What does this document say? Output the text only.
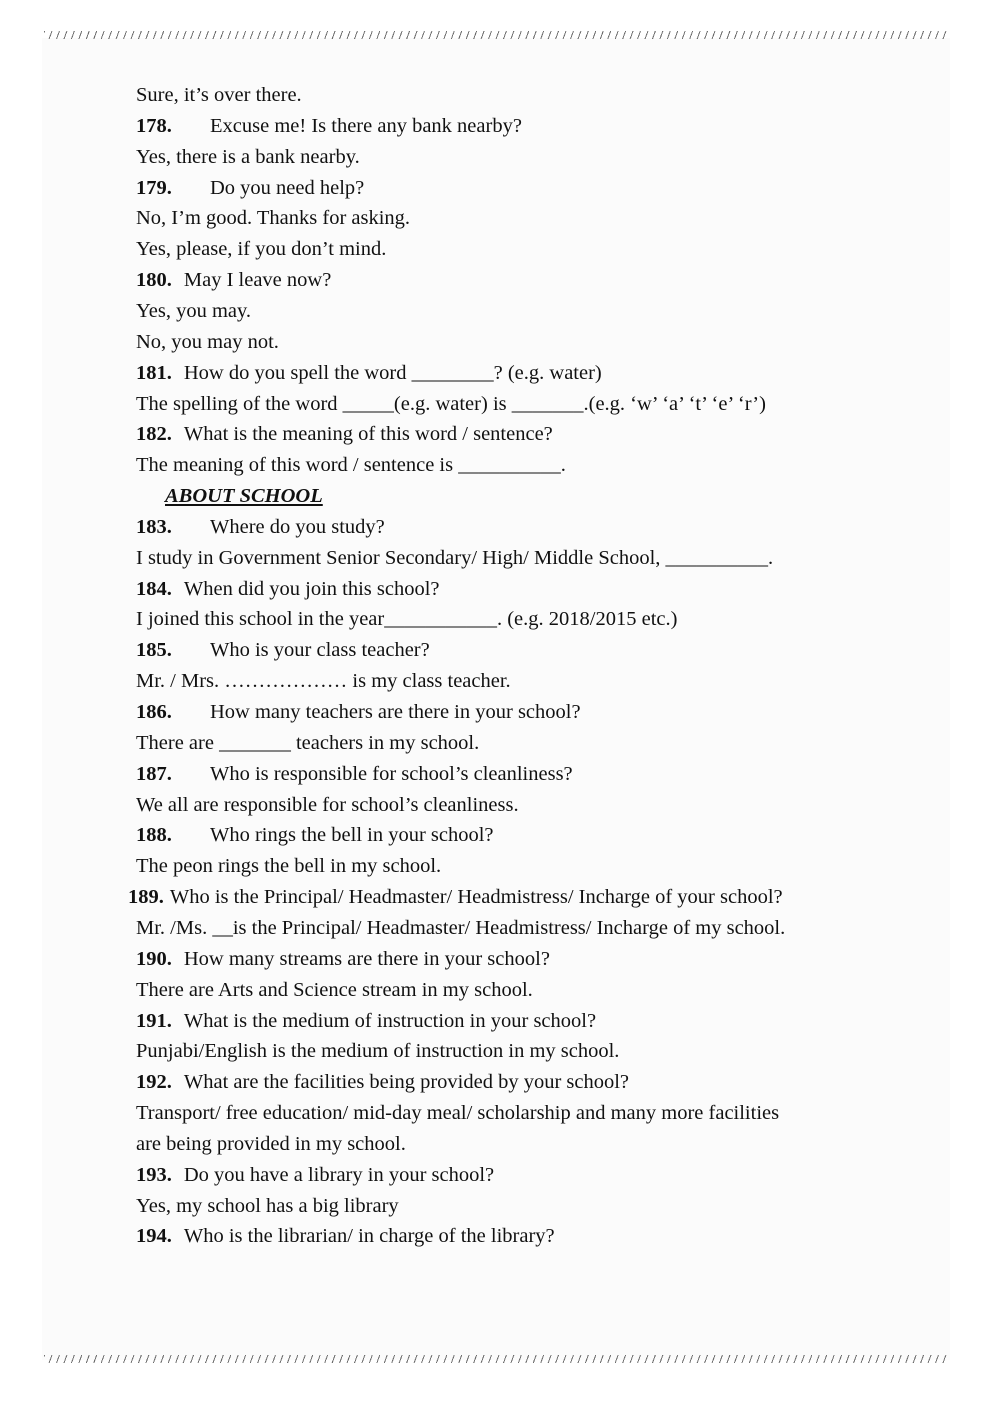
Sure, it’s over there.
178. Excuse me! Is there any bank nearby?
Yes, there is a bank nearby.
179. Do you need help?
No, I’m good. Thanks for asking.
Yes, please, if you don’t mind.
180. May I leave now?
Yes, you may.
No, you may not.
181. How do you spell the word ________? (e.g. water)
The spelling of the word _____(e.g. water) is _______.(e.g. ‘w’ ‘a’ ‘t’ ‘e’ ‘r’)
182. What is the meaning of this word / sentence?
The meaning of this word / sentence is __________.
ABOUT SCHOOL
183. Where do you study?
I study in Government Senior Secondary/ High/ Middle School, __________.
184. When did you join this school?
I joined this school in the year___________. (e.g. 2018/2015 etc.)
185. Who is your class teacher?
Mr. / Mrs. ……………… is my class teacher.
186. How many teachers are there in your school?
There are _______ teachers in my school.
187. Who is responsible for school’s cleanliness?
We all are responsible for school’s cleanliness.
188. Who rings the bell in your school?
The peon rings the bell in my school.
189. Who is the Principal/ Headmaster/ Headmistress/ Incharge of your school?
Mr. /Ms. __is the Principal/ Headmaster/ Headmistress/ Incharge of my school.
190. How many streams are there in your school?
There are Arts and Science stream in my school.
191. What is the medium of instruction in your school?
Punjabi/English is the medium of instruction in my school.
192. What are the facilities being provided by your school?
Transport/ free education/ mid-day meal/ scholarship and many more facilities
are being provided in my school.
193. Do you have a library in your school?
Yes, my school has a big library
194. Who is the librarian/ in charge of the library?
